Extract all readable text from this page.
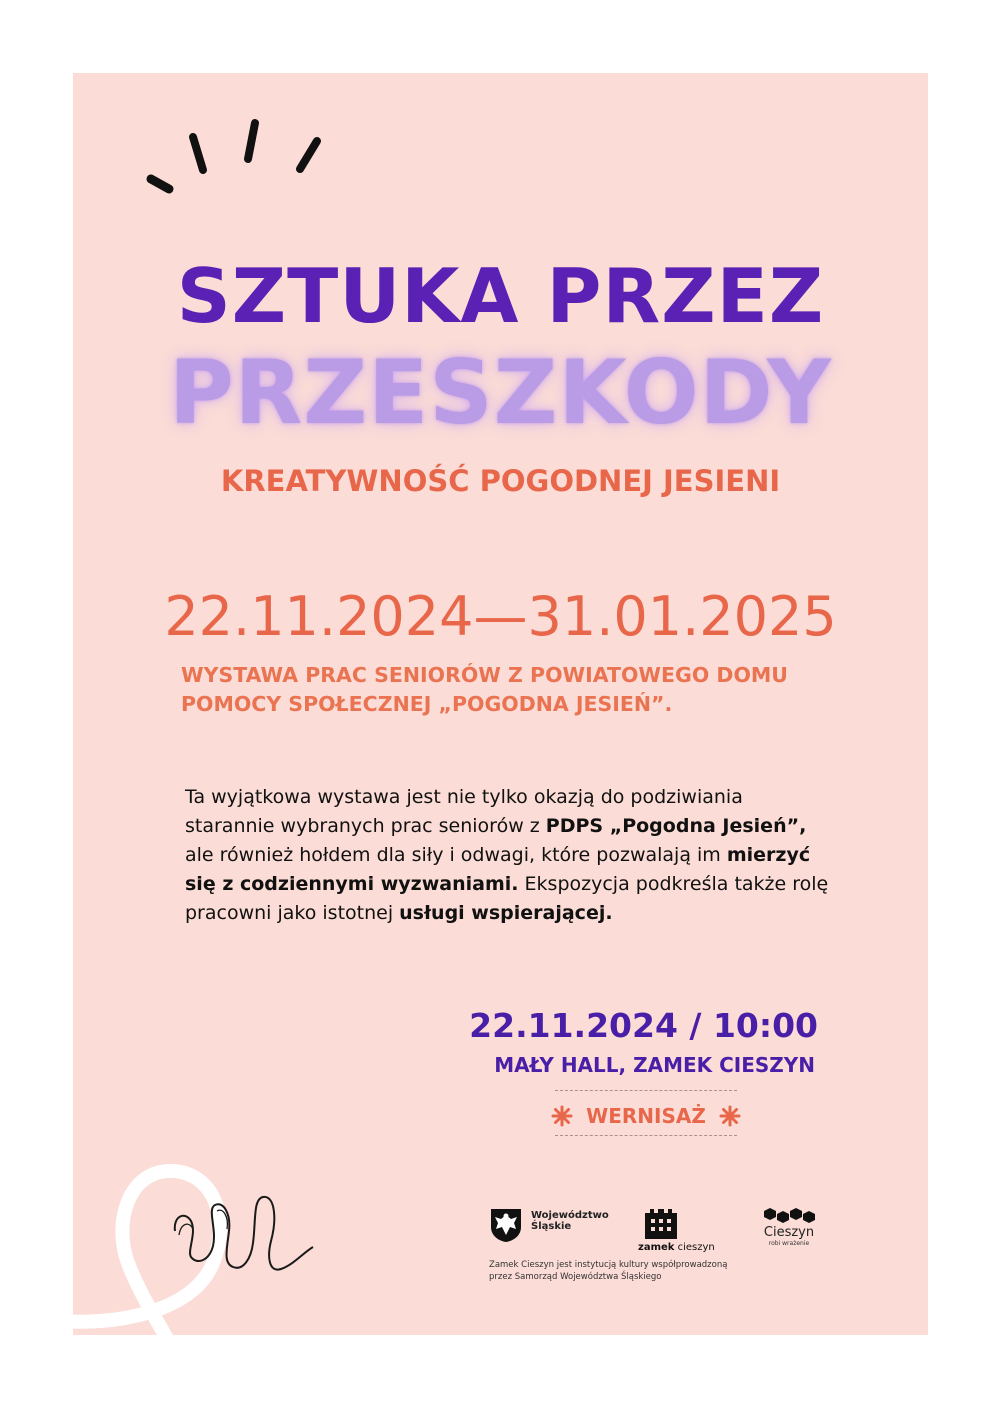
SZTUKA PRZEZ
PRZESZKODY
KREATYWNOŚĆ POGODNEJ JESIENI
22.11.2024—31.01.2025
WYSTAWA PRAC SENIORÓW Z POWIATOWEGO DOMU
POMOCY SPOŁECZNEJ „POGODNA JESIEŃ”.
Ta wyjątkowa wystawa jest nie tylko okazją do podziwiania starannie wybranych prac seniorów z PDPS „Pogodna Jesień”, ale również hołdem dla siły i odwagi, które pozwalają im mierzyć się z codziennymi wyzwaniami. Ekspozycja podkreśla także rolę pracowni jako istotnej usługi wspierającej.
22.11.2024 / 10:00
MAŁY HALL, ZAMEK CIESZYN
WERNISAŻ
Województwo
Śląskie
zamek cieszyn
Cieszyn
robi wrażenie
Zamek Cieszyn jest instytucją kultury współprowadzoną
przez Samorząd Województwa Śląskiego
